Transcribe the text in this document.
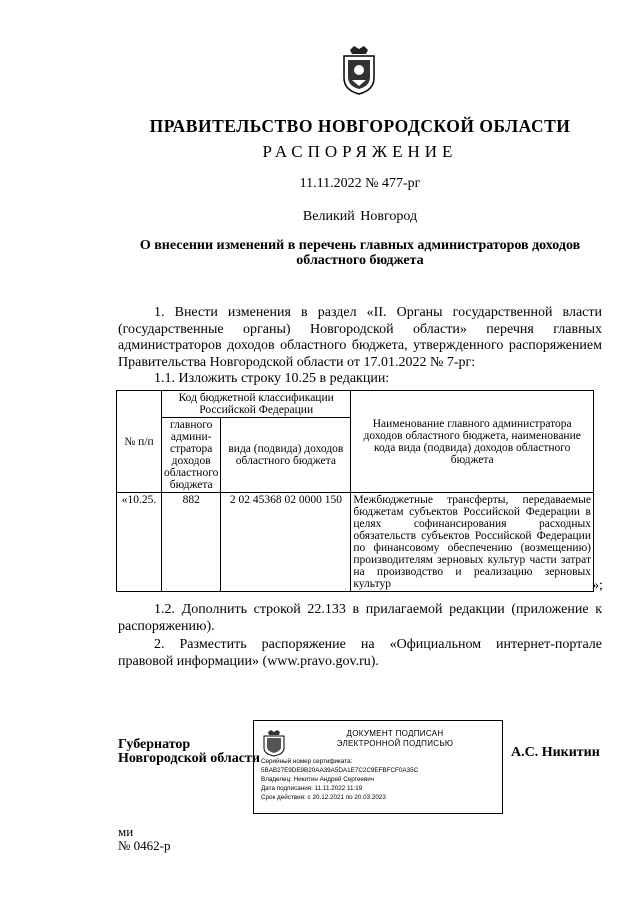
ПРАВИТЕЛЬСТВО НОВГОРОДСКОЙ ОБЛАСТИ
РАСПОРЯЖЕНИЕ
11.11.2022 № 477-рг
Великий Новгород
О внесении изменений в перечень главных администраторов доходов областного бюджета
1. Внести изменения в раздел «II. Органы государственной власти (государственные органы) Новгородской области» перечня главных администраторов доходов областного бюджета, утвержденного распоряжением Правительства Новгородской области от 17.01.2022 № 7-рг:
1.1. Изложить строку 10.25 в редакции:
№ п/п	Код бюджетной классификации Российской Федерации		Наименование главного администратора доходов областного бюджета, наименование кода вида (подвида) доходов областного бюджета
	главного админи-стратора доходов областного бюджета	вида (подвида) доходов областного бюджета	
«10.25.	882	2 02 45368 02 0000 150	Межбюджетные трансферты, передаваемые бюджетам субъектов Российской Федерации в целях софинансирования расходных обязательств субъектов Российской Федерации по финансовому обеспечению (возмещению) производителям зерновых культур части затрат на производство и реализацию зерновых культур	»;
1.2. Дополнить строкой 22.133 в прилагаемой редакции (приложение к распоряжению).
2. Разместить распоряжение на «Официальном интернет-портале правовой информации» (www.pravo.gov.ru).
Губернатор
Новгородской области
ДОКУМЕНТ ПОДПИСАН
ЭЛЕКТРОННОЙ ПОДПИСЬЮ
Серийный номер сертификата:
5BAB27E9DE9B20AA39A5DA1E7C2C9EFBFCF0A35C
Владелец: Никитин Андрей Сергеевич
Дата подписания: 11.11.2022 11:19
Срок действия: с 20.12.2021 по 20.03.2023
А.С. Никитин
ми
№ 0462-р
